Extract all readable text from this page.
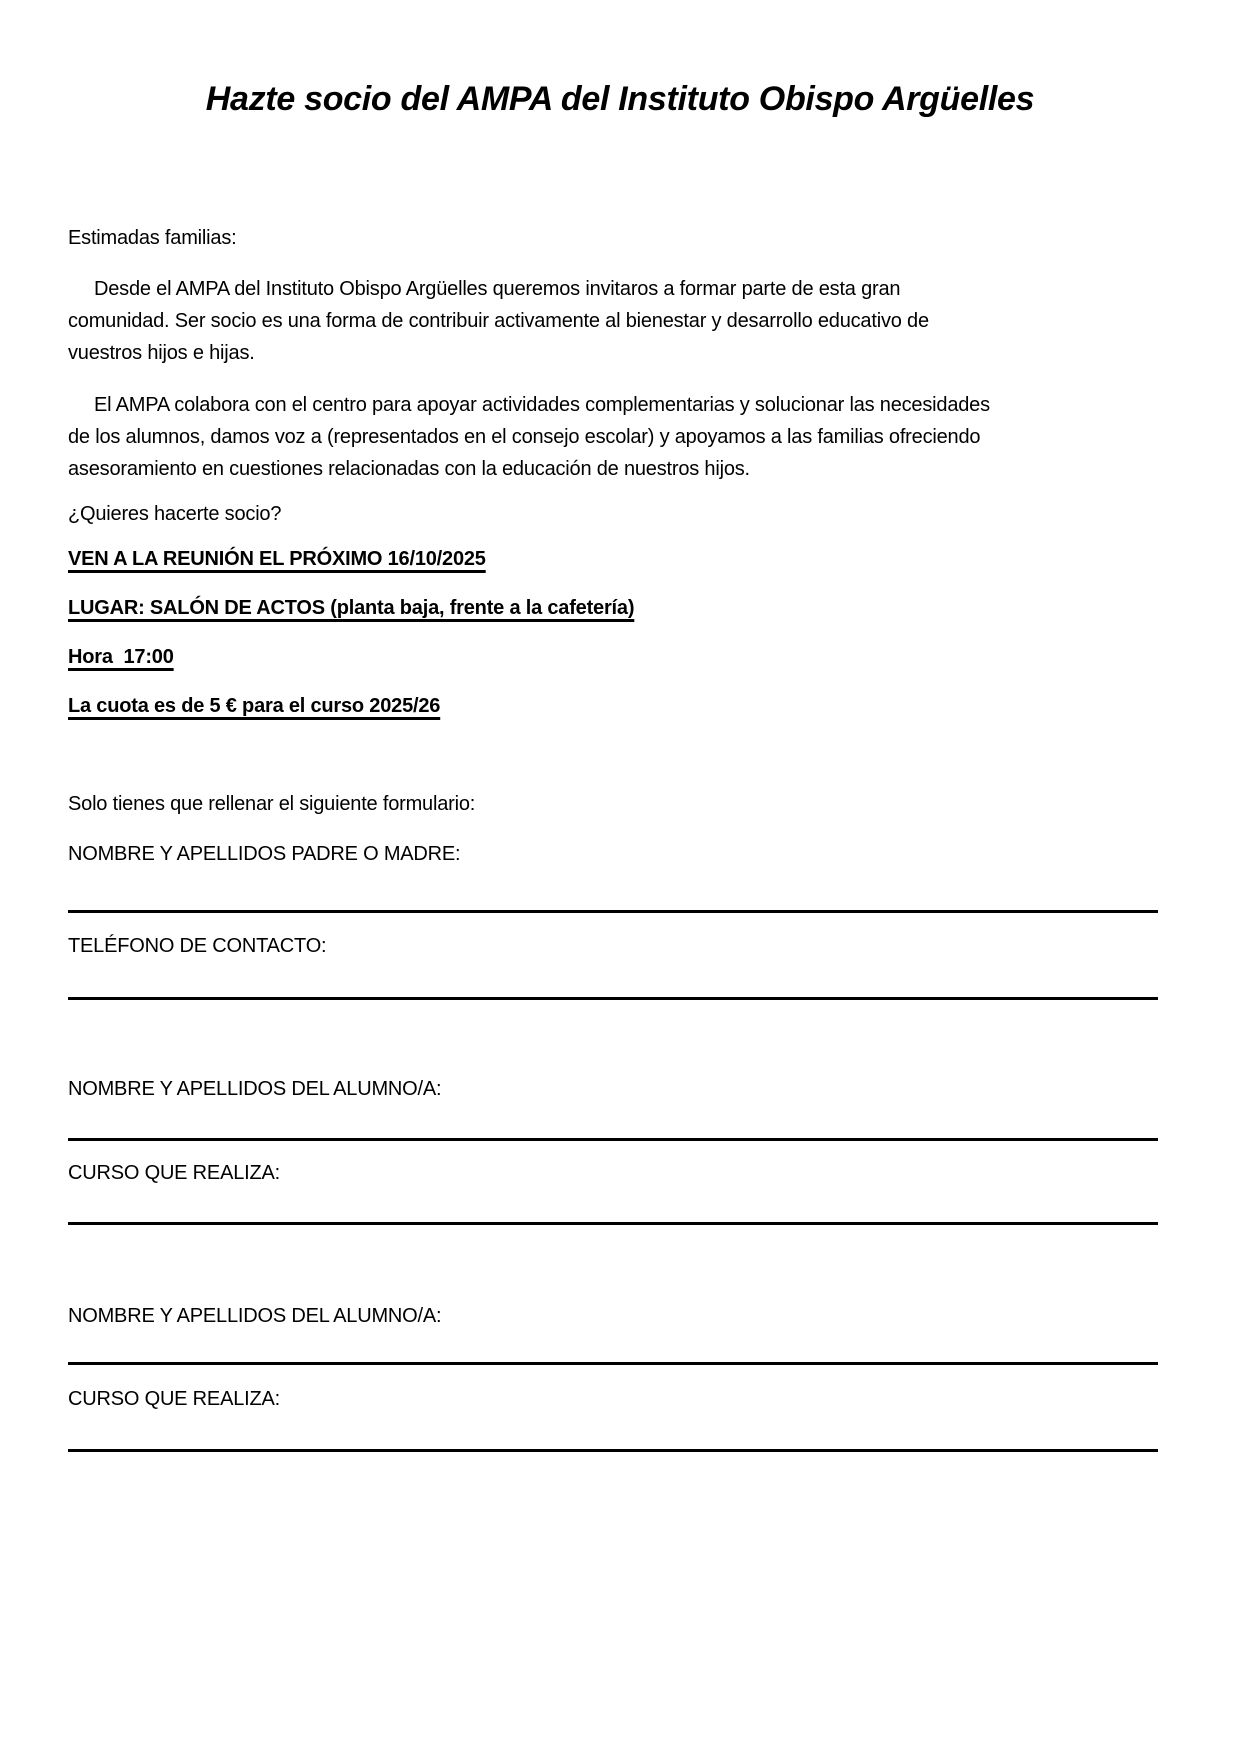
Hazte socio del AMPA del Instituto Obispo Argüelles

Estimadas familias:

Desde el AMPA del Instituto Obispo Argüelles queremos invitaros a formar parte de esta gran
comunidad. Ser socio es una forma de contribuir activamente al bienestar y desarrollo educativo de
vuestros hijos e hijas.
El AMPA colabora con el centro para apoyar actividades complementarias y solucionar las necesidades
de los alumnos, damos voz a (representados en el consejo escolar) y apoyamos a las familias ofreciendo
asesoramiento en cuestiones relacionadas con la educación de nuestros hijos.

¿Quieres hacerte socio?

VEN A LA REUNIÓN EL PRÓXIMO 16/10/2025

LUGAR: SALÓN DE ACTOS (planta baja, frente a la cafetería)

Hora  17:00

La cuota es de 5 € para el curso 2025/26

Solo tienes que rellenar el siguiente formulario:

NOMBRE Y APELLIDOS PADRE O MADRE:

TELÉFONO DE CONTACTO:

NOMBRE Y APELLIDOS DEL ALUMNO/A:

CURSO QUE REALIZA:

NOMBRE Y APELLIDOS DEL ALUMNO/A:

CURSO QUE REALIZA:
